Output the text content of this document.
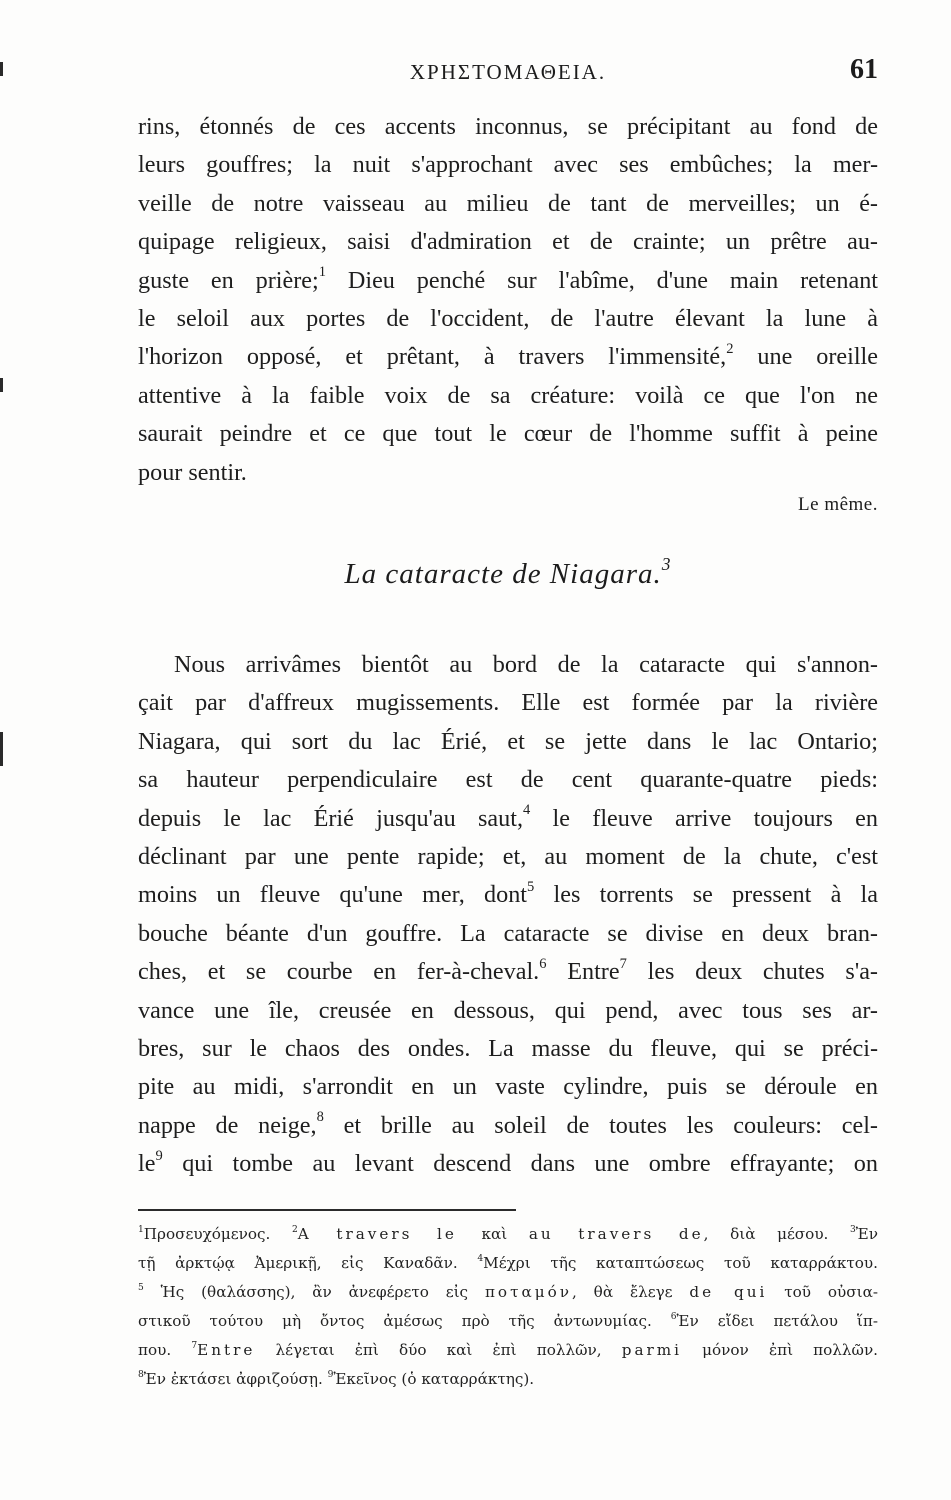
ΧΡΗΣΤΟΜΑΘΕΙΑ.	61
rins, étonnés de ces accents inconnus, se précipitant au fond de
leurs gouffres; la nuit s'approchant avec ses embûches; la mer-
veille de notre vaisseau au milieu de tant de merveilles; un é-
quipage religieux, saisi d'admiration et de crainte; un prêtre au-
guste en prière;$^1$ Dieu penché sur l'abîme, d'une main retenant
le seloil aux portes de l'occident, de l'autre élevant la lune à
l'horizon opposé, et prêtant, à travers l'immensité,$^2$ une oreille
attentive à la faible voix de sa créature: voilà ce que l'on ne
saurait peindre et ce que tout le cœur de l'homme suffit à peine
pour sentir.
Le même.
La cataracte de Niagara.$^3$
Nous arrivâmes bientôt au bord de la cataracte qui s'annon-
çait par d'affreux mugissements. Elle est formée par la rivière
Niagara, qui sort du lac Érié, et se jette dans le lac Ontario;
sa hauteur perpendiculaire est de cent quarante-quatre pieds:
depuis le lac Érié jusqu'au saut,$^4$ le fleuve arrive toujours en
déclinant par une pente rapide; et, au moment de la chute, c'est
moins un fleuve qu'une mer, dont$^5$ les torrents se pressent à la
bouche béante d'un gouffre. La cataracte se divise en deux bran-
ches, et se courbe en fer-à-cheval.$^6$ Entre$^7$ les deux chutes s'a-
vance une île, creusée en dessous, qui pend, avec tous ses ar-
bres, sur le chaos des ondes. La masse du fleuve, qui se préci-
pite au midi, s'arrondit en un vaste cylindre, puis se déroule en
nappe de neige,$^8$ et brille au soleil de toutes les couleurs: cel-
$le^9$ qui tombe au levant descend dans une ombre effrayante; on
$^1$Προσευχόμενος. $^2$A travers le καὶ au travers de, διὰ μέσου. $^3$Ἐν
τῇ ἀρκτῴᾳ Ἀμερικῇ, εἰς Καναδᾶν. $^4$Μέχρι τῆς καταπτώσεως τοῦ καταρράκτου.
$^5$ Ἡς (θαλάσσης), ἂν ἀνεφέρετο εἰς ποταμόν, θὰ ἔλεγε de qui τοῦ οὐσια-
στικοῦ τούτου μὴ ὄντος ἀμέσως πρὸ τῆς ἀντωνυμίας. $^6$Ἐν εἴδει πετάλου ἵπ-
που. $^7$Entre λέγεται ἐπὶ δύο καὶ ἐπὶ πολλῶν, parmi μόνον ἐπὶ πολλῶν.
$^8$Ἐν ἐκτάσει ἀφριζούσῃ. $^9$Ἐκεῖνος (ὁ καταρράκτης).
